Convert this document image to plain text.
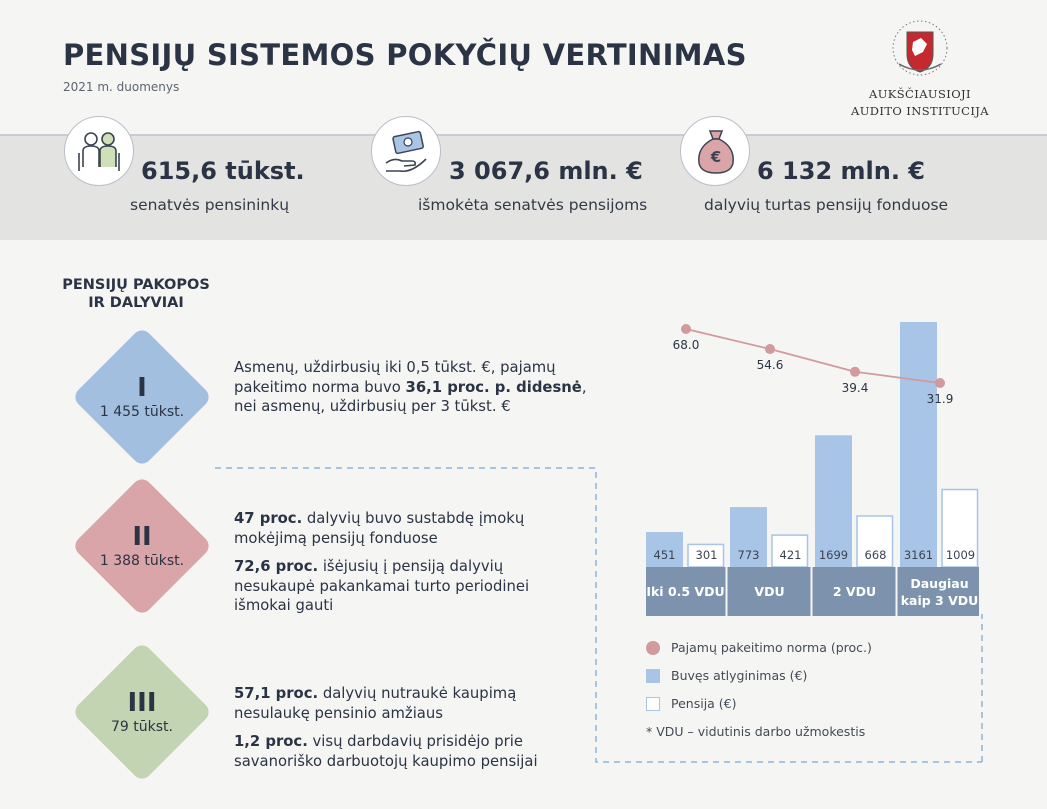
PENSIJŲ SISTEMOS POKYČIŲ VERTINIMAS
2021 m. duomenys	AUKŠČIAUSIOJI
AUDITO INSTITUCIJA
615,6 tūkst.
senatvės pensininkų
3 067,6 mln. €
išmokėta senatvės pensijoms
€ 6 132 mln. €
dalyvių turtas pensijų fonduose
PENSIJŲ PAKOPOS
IR DALYVIAI
I
1 455 tūkst.
Asmenų, uždirbusių iki 0,5 tūkst. €, pajamų pakeitimo norma buvo 36,1 proc. p. didesnė, nei asmenų, uždirbusių per 3 tūkst. €
II
1 388 tūkst.
47 proc. dalyvių buvo sustabdę įmokų mokėjimą pensijų fonduose
72,6 proc. išėjusių į pensiją dalyvių nesukaupė pakankamai turto periodinei išmokai gauti
III
79 tūkst.
57,1 proc. dalyvių nutraukė kaupimą nesulaukę pensinio amžiaus
1,2 proc. visų darbdavių prisidėjo prie savanoriško darbuotojų kaupimo pensijai
451 301 773 421 1699 668 3161 1009
Iki 0.5 VDU VDU	2 VDU
Daugiau
kaip 3 VDU
68.0
54.6
39.4
31.9
Pajamų pakeitimo norma (proc.)
Buvęs atlyginimas (€)
Pensija (€)
* VDU – vidutinis darbo užmokestis
